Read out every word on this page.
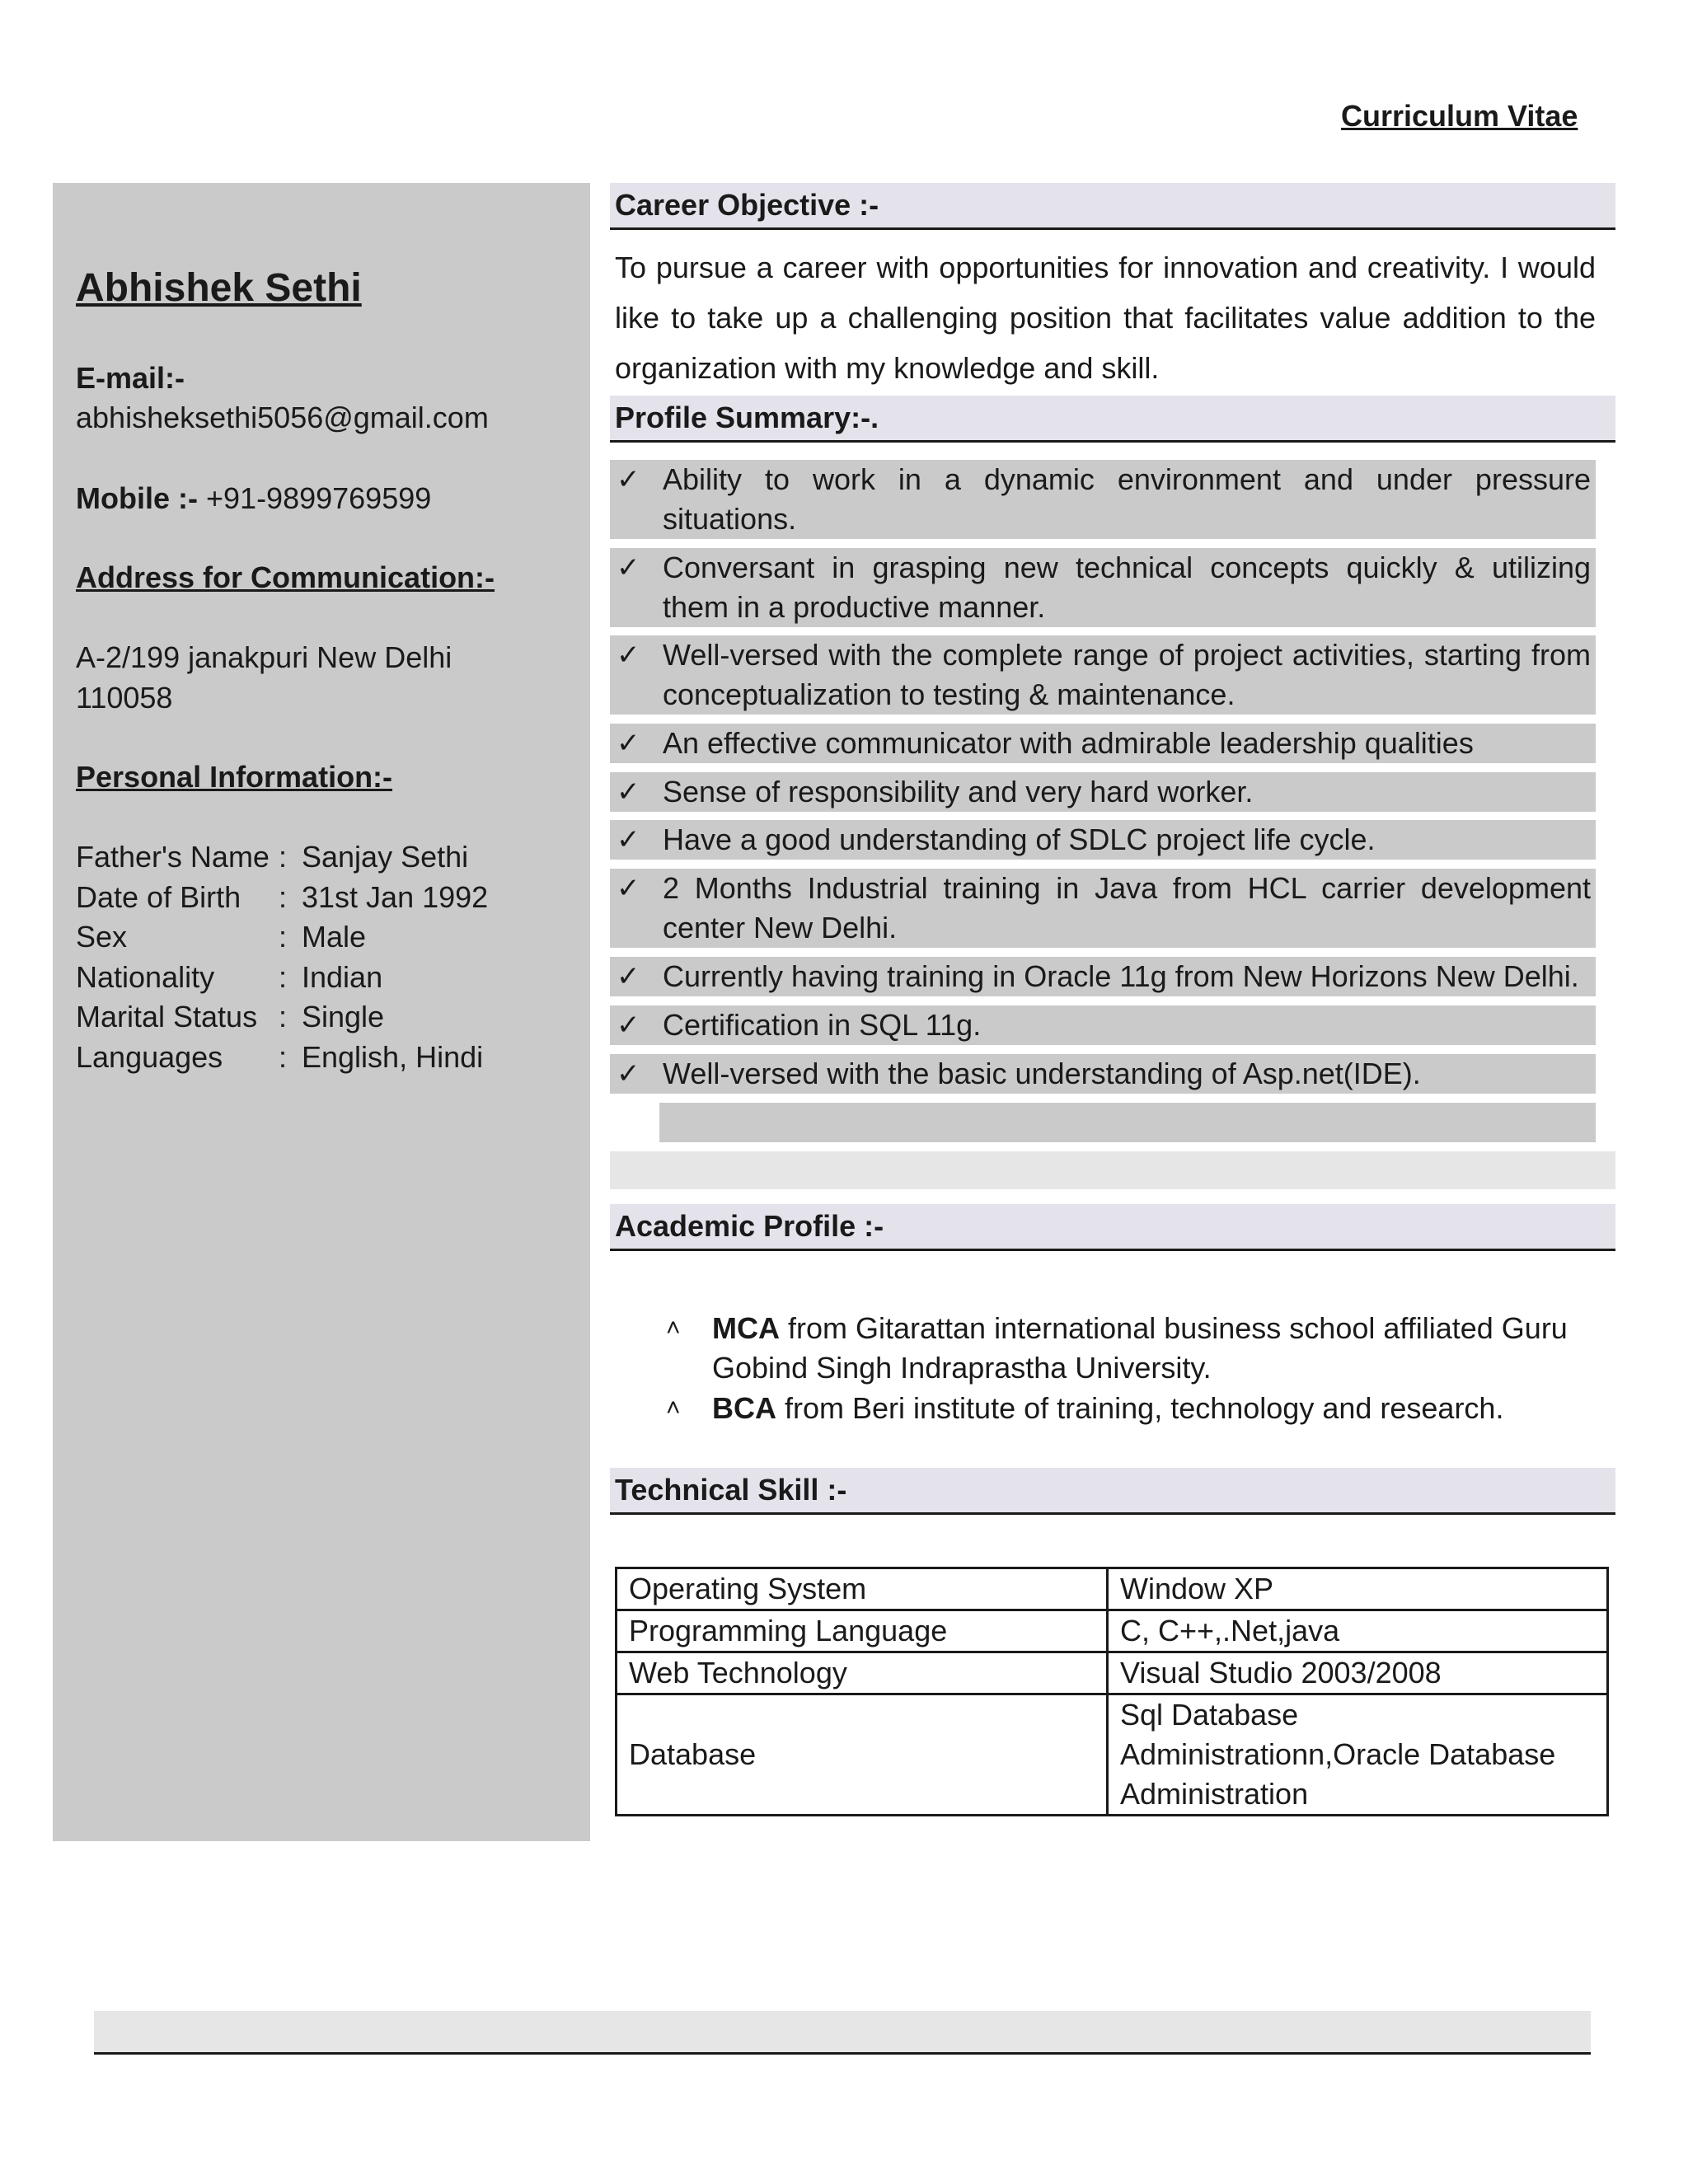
Curriculum Vitae
Abhishek Sethi
E-mail:-
abhisheksethi5056@gmail.com
Mobile :- +91-9899769599
Address for Communication:-
A-2/199 janakpuri New Delhi
110058
Personal Information:-
Father's Name : Sanjay Sethi
Date of Birth : 31st Jan 1992
Sex	: Male
Nationality : Indian
Marital Status : Single
Languages : English, Hindi
Career Objective :-
To pursue a career with opportunities for innovation and creativity. I would like to take up a challenging position that facilitates value addition to the organization with my knowledge and skill.
Profile Summary:-.
✓ Ability to work in a dynamic environment and under pressure situations.
✓ Conversant in grasping new technical concepts quickly & utilizing them in a productive manner.
✓ Well-versed with the complete range of project activities, starting from conceptualization to testing & maintenance.
✓ An effective communicator with admirable leadership qualities
✓ Sense of responsibility and very hard worker.
✓ Have a good understanding of SDLC project life cycle.
✓ 2 Months Industrial training in Java from HCL carrier development center New Delhi.
✓ Currently having training in Oracle 11g from New Horizons New Delhi.
✓ Certification in SQL 11g.
✓ Well-versed with the basic understanding of Asp.net(IDE).
Academic Profile :-
˄ MCA from Gitarattan international business school affiliated Guru Gobind Singh Indraprastha University.
˄ BCA from Beri institute of training, technology and research.
Technical Skill :-
Operating System	Window XP
Programming Language	C, C++,.Net,java
Web Technology	Visual Studio 2003/2008
Database	Sql Database Administrationn,Oracle Database Administration
